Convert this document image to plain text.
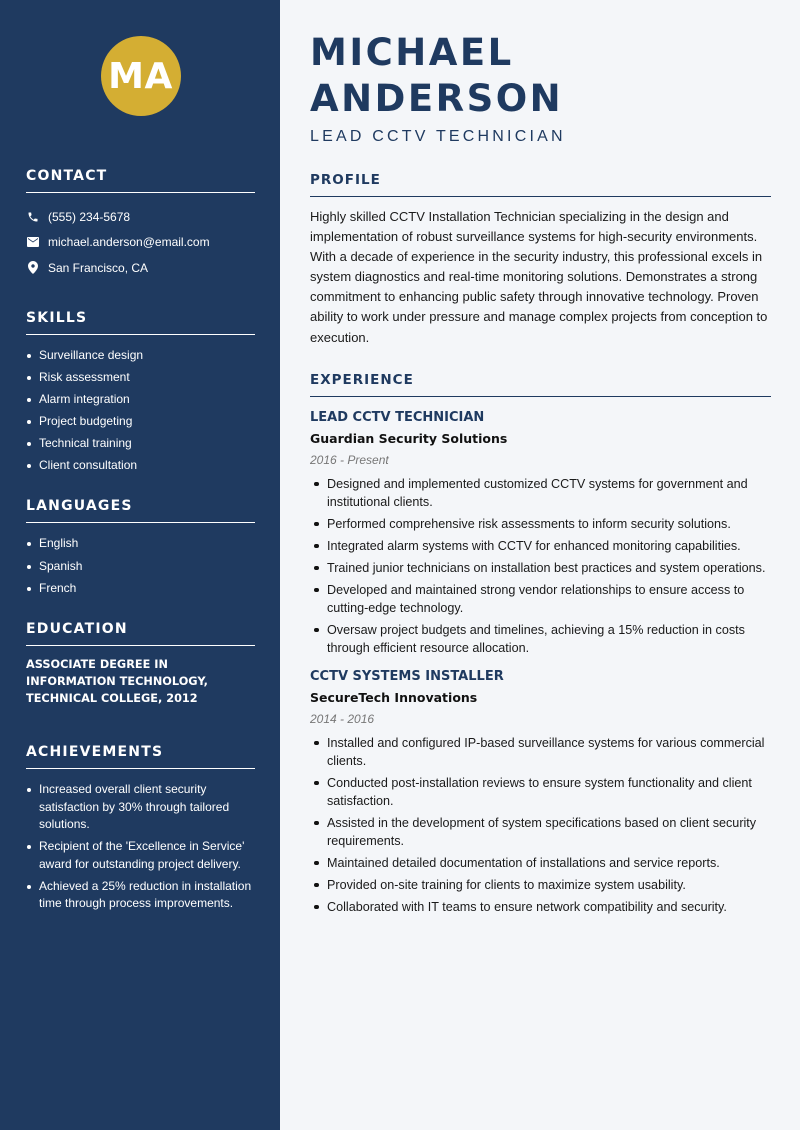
MA
CONTACT
(555) 234-5678
michael.anderson@email.com
San Francisco, CA
SKILLS
Surveillance design
Risk assessment
Alarm integration
Project budgeting
Technical training
Client consultation
LANGUAGES
English
Spanish
French
EDUCATION

ASSOCIATE DEGREE IN INFORMATION TECHNOLOGY, TECHNICAL COLLEGE, 2012

ACHIEVEMENTS
Increased overall client security satisfaction by 30% through tailored solutions.
Recipient of the 'Excellence in Service' award for outstanding project delivery.
Achieved a 25% reduction in installation time through process improvements.
MICHAEL ANDERSON
LEAD CCTV TECHNICIAN
PROFILE

Highly skilled CCTV Installation Technician specializing in the design and implementation of robust surveillance systems for high-security environments. With a decade of experience in the security industry, this professional excels in system diagnostics and real-time monitoring solutions. Demonstrates a strong commitment to enhancing public safety through innovative technology. Proven ability to work under pressure and manage complex projects from conception to execution.

EXPERIENCE
LEAD CCTV TECHNICIAN
Guardian Security Solutions
2016 - Present
Designed and implemented customized CCTV systems for government and institutional clients.
Performed comprehensive risk assessments to inform security solutions.
Integrated alarm systems with CCTV for enhanced monitoring capabilities.
Trained junior technicians on installation best practices and system operations.
Developed and maintained strong vendor relationships to ensure access to cutting-edge technology.
Oversaw project budgets and timelines, achieving a 15% reduction in costs through efficient resource allocation.
CCTV SYSTEMS INSTALLER
SecureTech Innovations
2014 - 2016
Installed and configured IP-based surveillance systems for various commercial clients.
Conducted post-installation reviews to ensure system functionality and client satisfaction.
Assisted in the development of system specifications based on client security requirements.
Maintained detailed documentation of installations and service reports.
Provided on-site training for clients to maximize system usability.
Collaborated with IT teams to ensure network compatibility and security.
